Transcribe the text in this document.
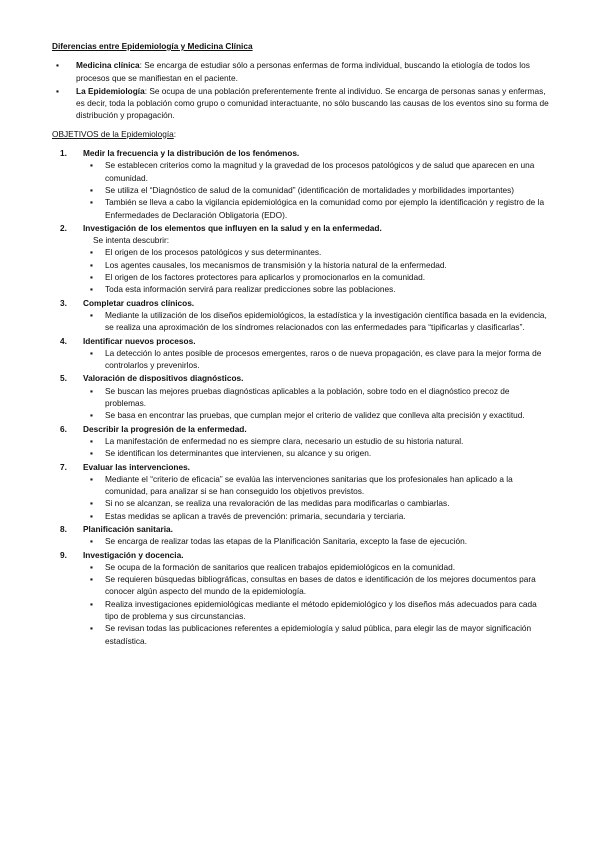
Diferencias entre Epidemiología y Medicina Clínica
▪ Medicina clínica: Se encarga de estudiar sólo a personas enfermas de forma individual, buscando la etiología de todos los procesos que se manifiestan en el paciente.
▪ La Epidemiología: Se ocupa de una población preferentemente frente al individuo. Se encarga de personas sanas y enfermas, es decir, toda la población como grupo o comunidad interactuante, no sólo buscando las causas de los eventos sino su forma de distribución y propagación.
OBJETIVOS de la Epidemiología:
1. Medir la frecuencia y la distribución de los fenómenos.
▪ Se establecen criterios como la magnitud y la gravedad de los procesos patológicos y de salud que aparecen en una comunidad.
▪ Se utiliza el “Diagnóstico de salud de la comunidad” (identificación de mortalidades y morbilidades importantes)
▪ También se lleva a cabo la vigilancia epidemiológica en la comunidad como por ejemplo la identificación y registro de la Enfermedades de Declaración Obligatoria (EDO).
2. Investigación de los elementos que influyen en la salud y en la enfermedad.
Se intenta descubrir:
▪ El origen de los procesos patológicos y sus determinantes.
▪ Los agentes causales, los mecanismos de transmisión y la historia natural de la enfermedad.
▪ El origen de los factores protectores para aplicarlos y promocionarlos en la comunidad.
▪ Toda esta información servirá para realizar predicciones sobre las poblaciones.
3. Completar cuadros clínicos.
▪ Mediante la utilización de los diseños epidemiológicos, la estadística y la investigación científica basada en la evidencia, se realiza una aproximación de los síndromes relacionados con las enfermedades para “tipificarlas y clasificarlas”.
4. Identificar nuevos procesos.
▪ La detección lo antes posible de procesos emergentes, raros o de nueva propagación, es clave para la mejor forma de controlarlos y prevenirlos.
5. Valoración de dispositivos diagnósticos.
▪ Se buscan las mejores pruebas diagnósticas aplicables a la población, sobre todo en el diagnóstico precoz de problemas.
▪ Se basa en encontrar las pruebas, que cumplan mejor el criterio de validez que conlleva alta precisión y exactitud.
6. Describir la progresión de la enfermedad.
▪ La manifestación de enfermedad no es siempre clara, necesario un estudio de su historia natural.
▪ Se identifican los determinantes que intervienen, su alcance y su origen.
7. Evaluar las intervenciones.
▪ Mediante el “criterio de eficacia” se evalúa las intervenciones sanitarias que los profesionales han aplicado a la comunidad, para analizar si se han conseguido los objetivos previstos.
▪ Si no se alcanzan, se realiza una revaloración de las medidas para modificarlas o cambiarlas.
▪ Estas medidas se aplican a través de prevención: primaria, secundaria y terciaria.
8. Planificación sanitaria.
▪ Se encarga de realizar todas las etapas de la Planificación Sanitaria, excepto la fase de ejecución.
9. Investigación y docencia.
▪ Se ocupa de la formación de sanitarios que realicen trabajos epidemiológicos en la comunidad.
▪ Se requieren búsquedas bibliográficas, consultas en bases de datos e identificación de los mejores documentos para conocer algún aspecto del mundo de la epidemiología.
▪ Realiza investigaciones epidemiológicas mediante el método epidemiológico y los diseños más adecuados para cada tipo de problema y sus circunstancias.
▪ Se revisan todas las publicaciones referentes a epidemiología y salud pública, para elegir las de mayor significación estadística.
